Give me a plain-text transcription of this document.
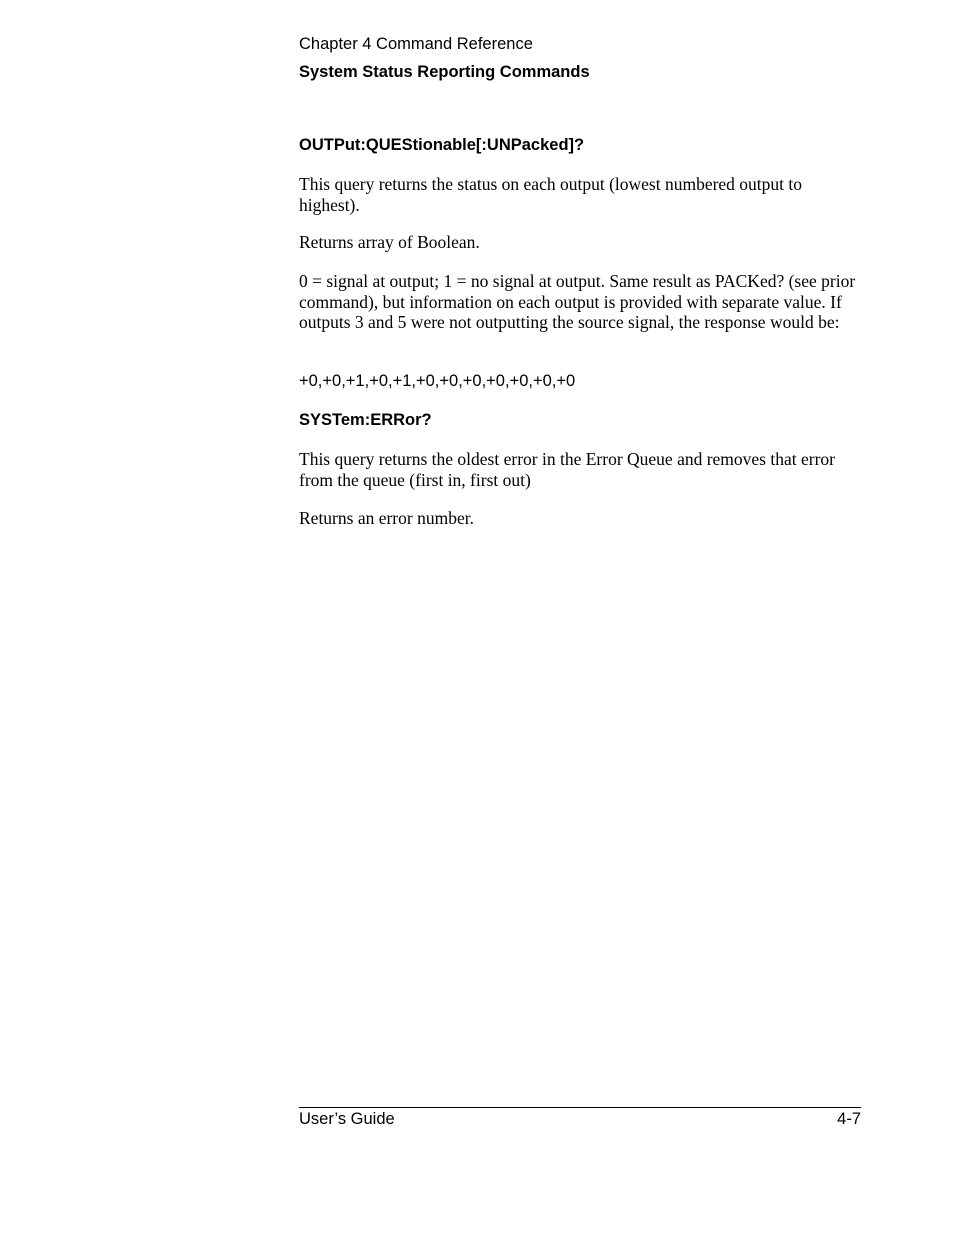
Chapter 4 Command Reference
System Status Reporting Commands
OUTPut:QUEStionable[:UNPacked]?

This query returns the status on each output (lowest numbered output to highest).

Returns array of Boolean.

0 = signal at output; 1 = no signal at output. Same result as PACKed? (see prior command), but information on each output is provided with separate value. If outputs 3 and 5 were not outputting the source signal, the response would be:

+0,+0,+1,+0,+1,+0,+0,+0,+0,+0,+0,+0
SYSTem:ERRor?

This query returns the oldest error in the Error Queue and removes that error from the queue (first in, first out)

Returns an error number.

User’s Guide	4-7
